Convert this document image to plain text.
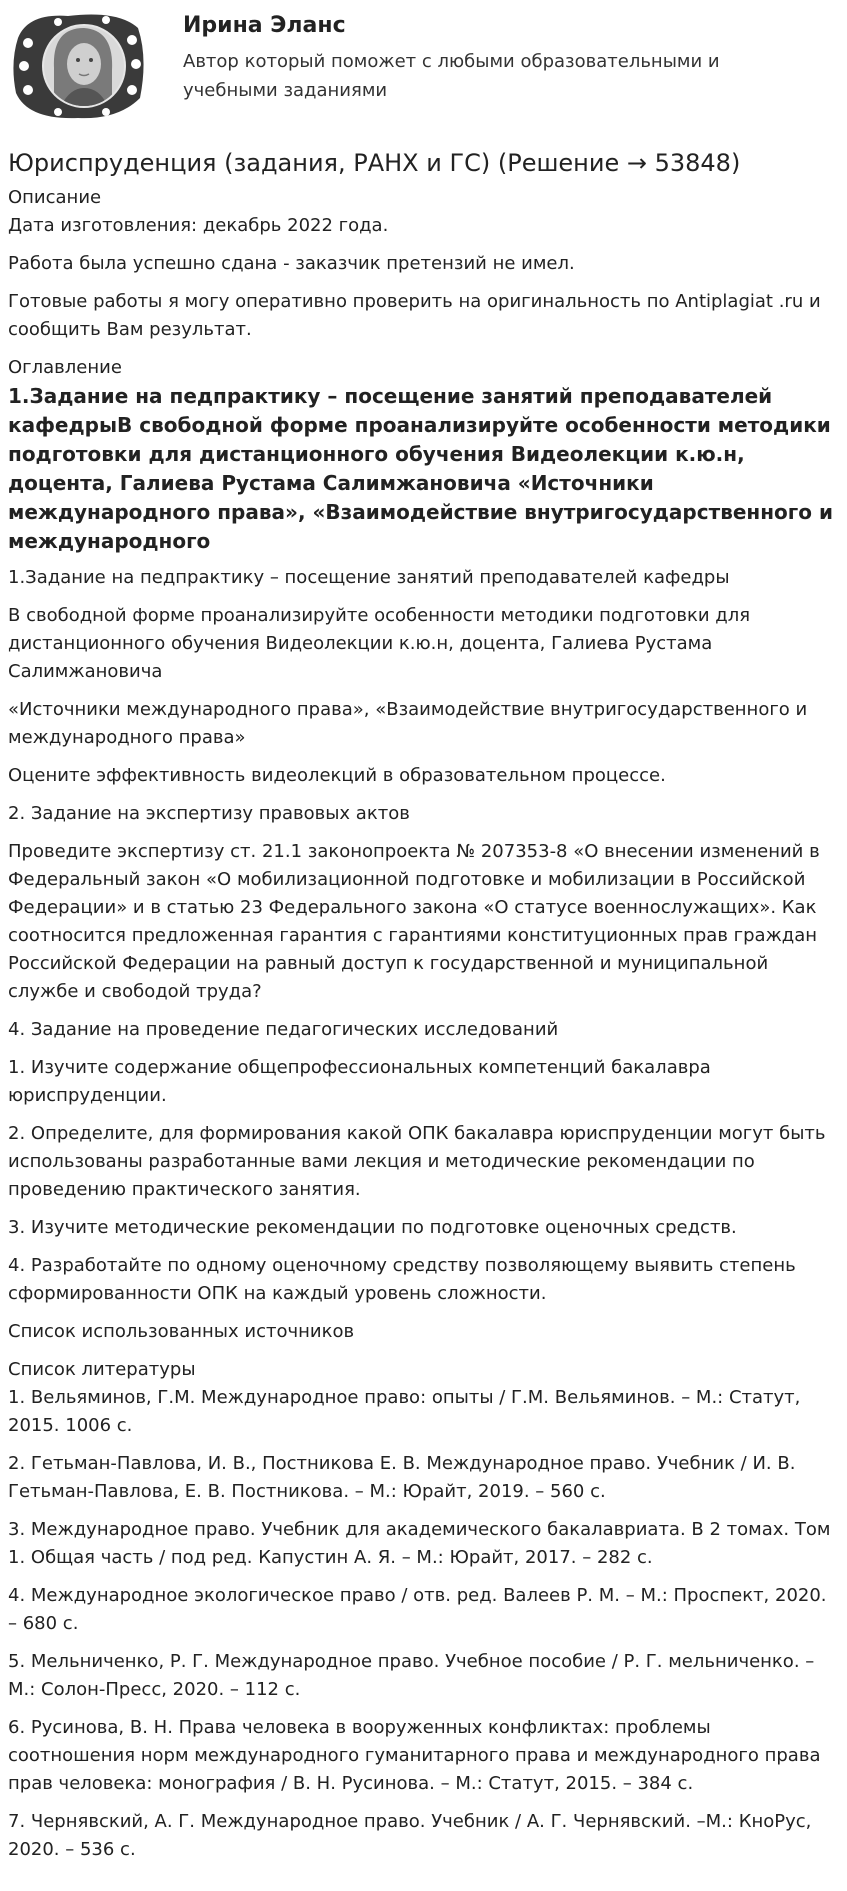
Ирина Эланс
Автор который поможет с любыми образовательными и учебными заданиями
Юриспруденция (задания, РАНХ и ГС) (Решение → 53848)
Описание

Дата изготовления: декабрь 2022 года.

Работа была успешно сдана - заказчик претензий не имел.

Готовые работы я могу оперативно проверить на оригинальность по Antiplagiat .ru и сообщить Вам результат.

Оглавление
1.Задание на педпрактику – посещение занятий преподавателей кафедрыВ свободной форме проанализируйте особенности методики подготовки для дистанционного обучения Видеолекции к.ю.н, доцента, Галиева Рустама Салимжановича «Источники международного права», «Взаимодействие внутригосударственного и международного

1.Задание на педпрактику – посещение занятий преподавателей кафедры

В свободной форме проанализируйте особенности методики подготовки для дистанционного обучения Видеолекции к.ю.н, доцента, Галиева Рустама Салимжановича

«Источники международного права», «Взаимодействие внутригосударственного и международного права»

Оцените эффективность видеолекций в образовательном процессе.

2. Задание на экспертизу правовых актов

Проведите экспертизу ст. 21.1 законопроекта № 207353-8 «О внесении изменений в Федеральный закон «О мобилизационной подготовке и мобилизации в Российской Федерации» и в статью 23 Федерального закона «О статусе военнослужащих». Как соотносится предложенная гарантия с гарантиями конституционных прав граждан Российской Федерации на равный доступ к государственной и муниципальной службе и свободой труда?

4. Задание на проведение педагогических исследований

1. Изучите содержание общепрофессиональных компетенций бакалавра юриспруденции.

2. Определите, для формирования какой ОПК бакалавра юриспруденции могут быть использованы разработанные вами лекция и методические рекомендации по проведению практического занятия.

3. Изучите методические рекомендации по подготовке оценочных средств.

4. Разработайте по одному оценочному средству позволяющему выявить степень сформированности ОПК на каждый уровень сложности.

Список использованных источников

Список литературы

1. Вельяминов, Г.М. Международное право: опыты / Г.М. Вельяминов. – М.: Статут, 2015. 1006 с.

2. Гетьман-Павлова, И. В., Постникова Е. В. Международное право. Учебник / И. В. Гетьман-Павлова, Е. В. Постникова. – М.: Юрайт, 2019. – 560 с.

3. Международное право. Учебник для академического бакалавриата. В 2 томах. Том 1. Общая часть / под ред. Капустин А. Я. – М.: Юрайт, 2017. – 282 с.

4. Международное экологическое право / отв. ред. Валеев Р. М. – М.: Проспект, 2020. – 680 с.

5. Мельниченко, Р. Г. Международное право. Учебное пособие / Р. Г. мельниченко. – М.: Солон-Пресс, 2020. – 112 с.

6. Русинова, В. Н. Права человека в вооруженных конфликтах: проблемы соотношения норм международного гуманитарного права и международного права прав человека: монография / В. Н. Русинова. – М.: Статут, 2015. – 384 с.

7. Чернявский, А. Г. Международное право. Учебник / А. Г. Чернявский. –М.: КноРус, 2020. – 536 с.
